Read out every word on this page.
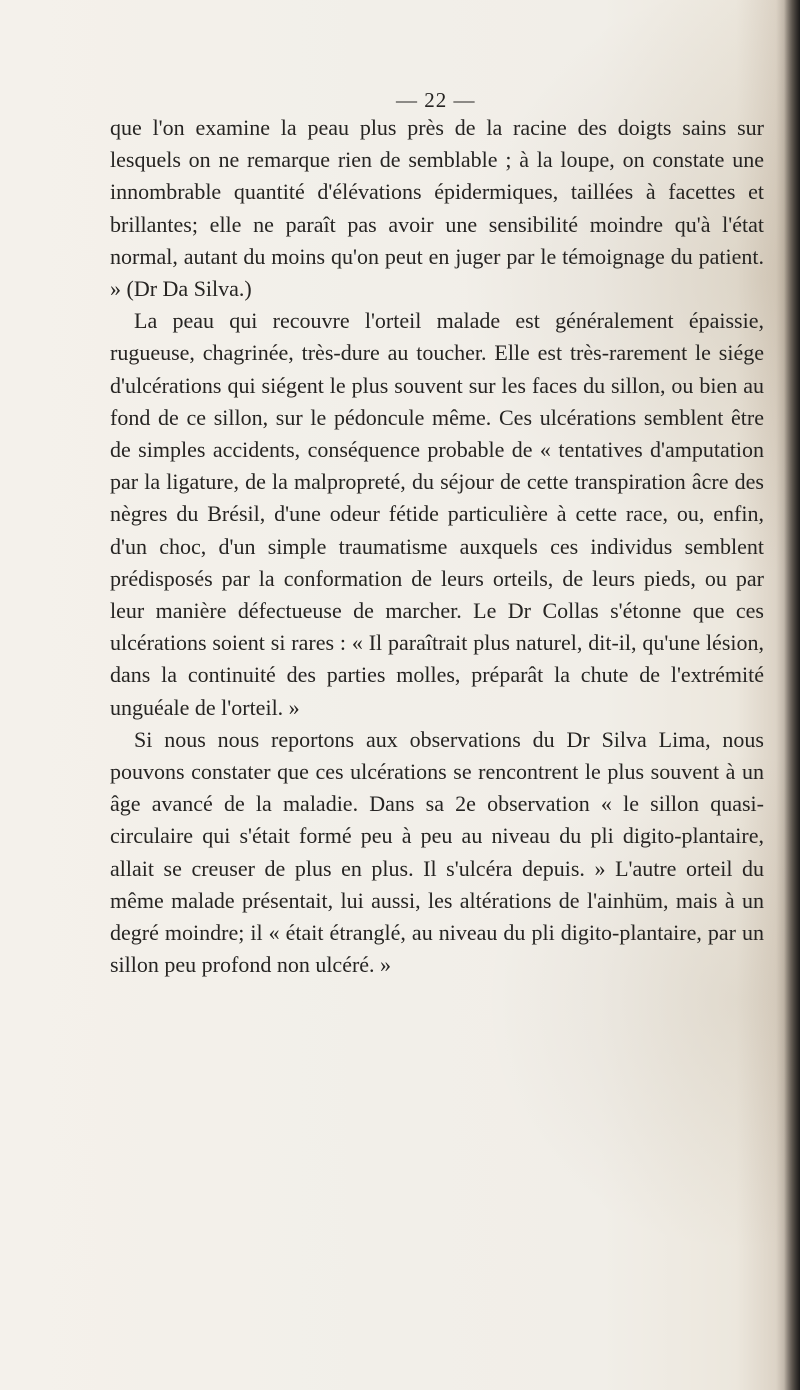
— 22 —

que l'on examine la peau plus près de la racine des doigts sains sur lesquels on ne remarque rien de semblable ; à la loupe, on constate une innombrable quantité d'élévations épidermiques, taillées à facettes et brillantes; elle ne paraît pas avoir une sensibilité moindre qu'à l'état normal, autant du moins qu'on peut en juger par le témoignage du patient. » (Dr Da Silva.)

La peau qui recouvre l'orteil malade est généralement épaissie, rugueuse, chagrinée, très-dure au toucher. Elle est très-rarement le siége d'ulcérations qui siégent le plus souvent sur les faces du sillon, ou bien au fond de ce sillon, sur le pédoncule même. Ces ulcérations semblent être de simples accidents, conséquence probable de « tentatives d'amputation par la ligature, de la malpropreté, du séjour de cette transpiration âcre des nègres du Brésil, d'une odeur fétide particulière à cette race, ou, enfin, d'un choc, d'un simple traumatisme auxquels ces individus semblent prédisposés par la conformation de leurs orteils, de leurs pieds, ou par leur manière défectueuse de marcher. Le Dr Collas s'étonne que ces ulcérations soient si rares : « Il paraîtrait plus naturel, dit-il, qu'une lésion, dans la continuité des parties molles, préparât la chute de l'extrémité unguéale de l'orteil. »

Si nous nous reportons aux observations du Dr Silva Lima, nous pouvons constater que ces ulcérations se rencontrent le plus souvent à un âge avancé de la maladie. Dans sa 2e observation « le sillon quasi-circulaire qui s'était formé peu à peu au niveau du pli digito-plantaire, allait se creuser de plus en plus. Il s'ulcéra depuis. » L'autre orteil du même malade présentait, lui aussi, les altérations de l'ainhüm, mais à un degré moindre; il « était étranglé, au niveau du pli digito-plantaire, par un sillon peu profond non ulcéré. »
